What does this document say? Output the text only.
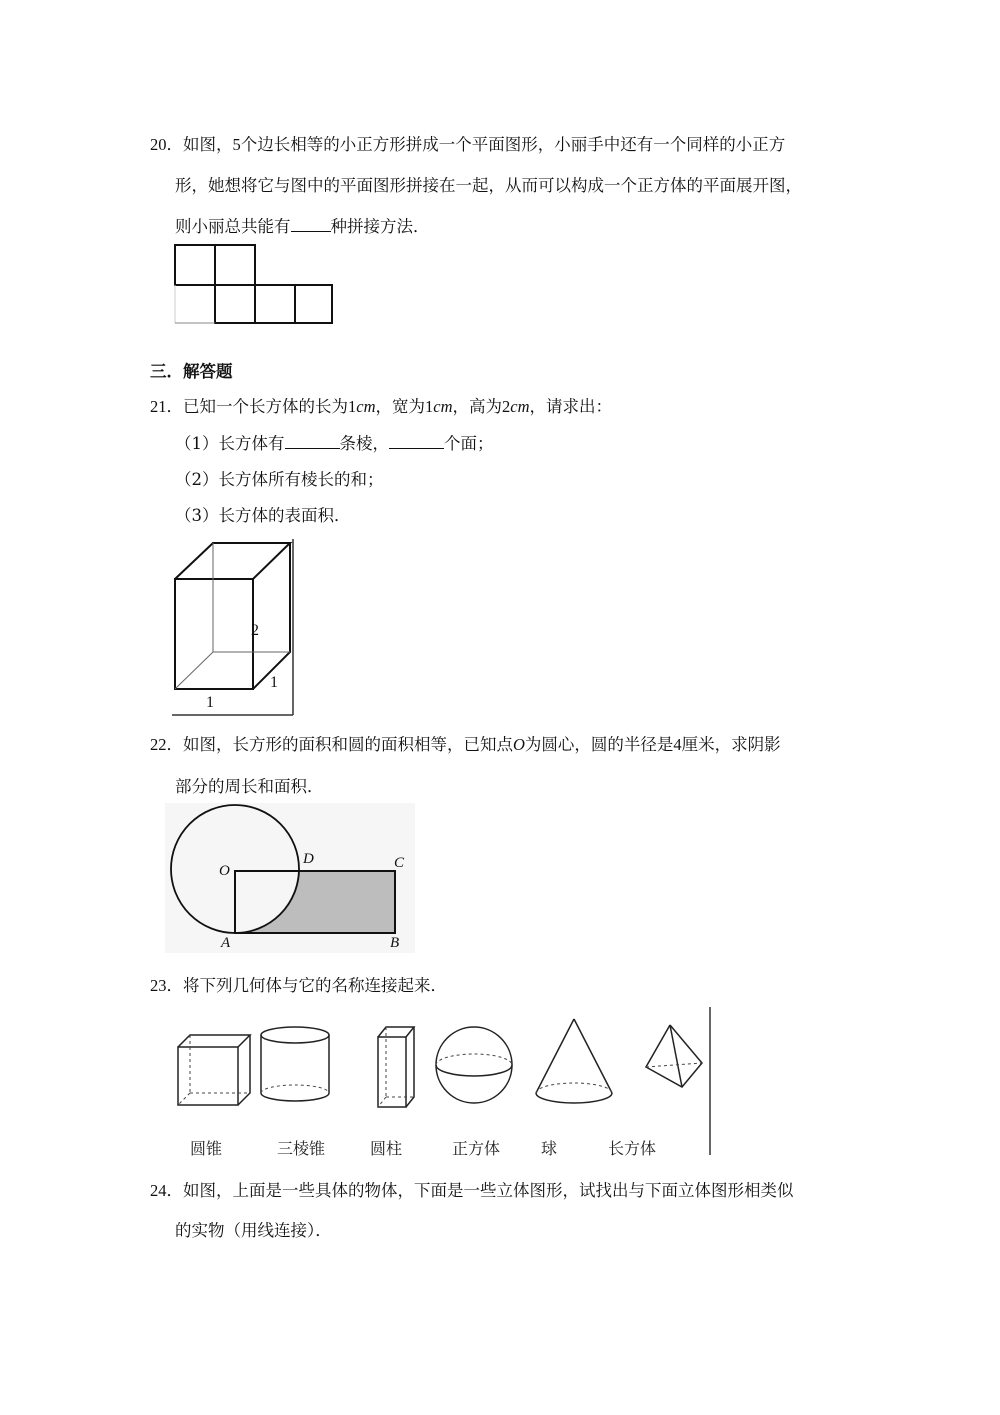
20．如图，5个边长相等的小正方形拼成一个平面图形，小丽手中还有一个同样的小正方
形，她想将它与图中的平面图形拼接在一起，从而可以构成一个正方体的平面展开图，
则小丽总共能有 种拼接方法．
三．解答题
21．已知一个长方体的长为1cm，宽为1cm，高为2cm，请求出：
（1）长方体有	条棱，	个面；
（2）长方体所有棱长的和；
（3）长方体的表面积．
2
1
1
22．如图，长方形的面积和圆的面积相等，已知点O为圆心，圆的半径是4厘米，求阴影
部分的周长和面积．
O
D	C
A	B
23．将下列几何体与它的名称连接起来．
圆锥	三棱锥	圆柱	正方体	球	长方体
24．如图，上面是一些具体的物体，下面是一些立体图形，试找出与下面立体图形相类似
的实物（用线连接）．
